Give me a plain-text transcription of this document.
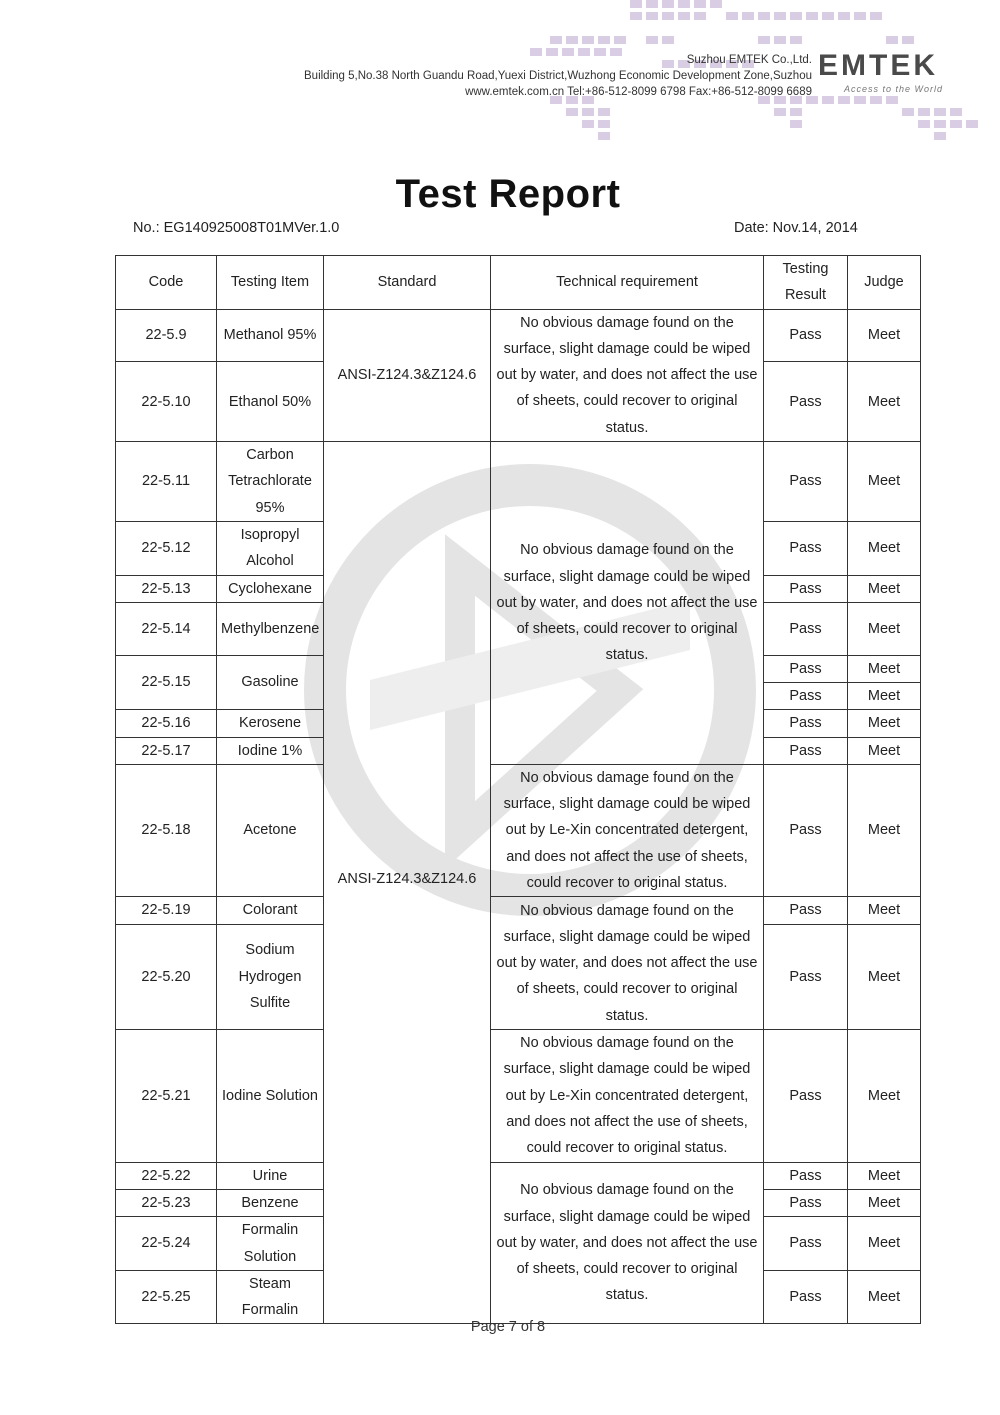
Suzhou EMTEK Co.,Ltd.
Building 5,No.38 North Guandu Road,Yuexi District,Wuzhong Economic Development Zone,Suzhou
www.emtek.com.cn Tel:+86-512-8099 6798 Fax:+86-512-8099 6689
EMTEK
Access to the World
Test Report
No.: EG140925008T01MVer.1.0	Date: Nov.14, 2014
Code	Testing Item	Standard	Technical requirement	Testing Result	Judge
22-5.9	Methanol 95%	ANSI-Z124.3&Z124.6	No obvious damage found on the surface, slight damage could be wiped out by water, and does not affect the use of sheets, could recover to original status.	Pass	Meet

22-5.10	Ethanol 50%			Pass	Meet

22-5.11	Carbon Tetrachlorate 95%	ANSI-Z124.3&Z124.6	No obvious damage found on the surface, slight damage could be wiped out by water, and does not affect the use of sheets, could recover to original status.	Pass	Meet

22-5.12	Isopropyl Alcohol			Pass	Meet

22-5.13	Cyclohexane			Pass	Meet
22-5.14	Methylbenzene			Pass	Meet

22-5.15	Gasoline			Pass	Meet
				Pass	Meet
22-5.16	Kerosene			Pass	Meet
22-5.17	Iodine 1%			Pass	Meet
22-5.18	Acetone		No obvious damage found on the surface, slight damage could be wiped out by Le-Xin concentrated detergent, and does not affect the use of sheets, could recover to original status.	Pass	Meet

22-5.19	Colorant		No obvious damage found on the surface, slight damage could be wiped out by water, and does not affect the use of sheets, could recover to original status.	Pass	Meet
22-5.20	Sodium Hydrogen Sulfite			Pass	Meet

22-5.21	Iodine Solution		No obvious damage found on the surface, slight damage could be wiped out by Le-Xin concentrated detergent, and does not affect the use of sheets, could recover to original status.	Pass	Meet

22-5.22	Urine		No obvious damage found on the surface, slight damage could be wiped out by water, and does not affect the use of sheets, could recover to original status.	Pass	Meet
22-5.23	Benzene			Pass	Meet
22-5.24	Formalin Solution			Pass	Meet

22-5.25	Steam Formalin			Pass	Meet

Page 7 of 8
